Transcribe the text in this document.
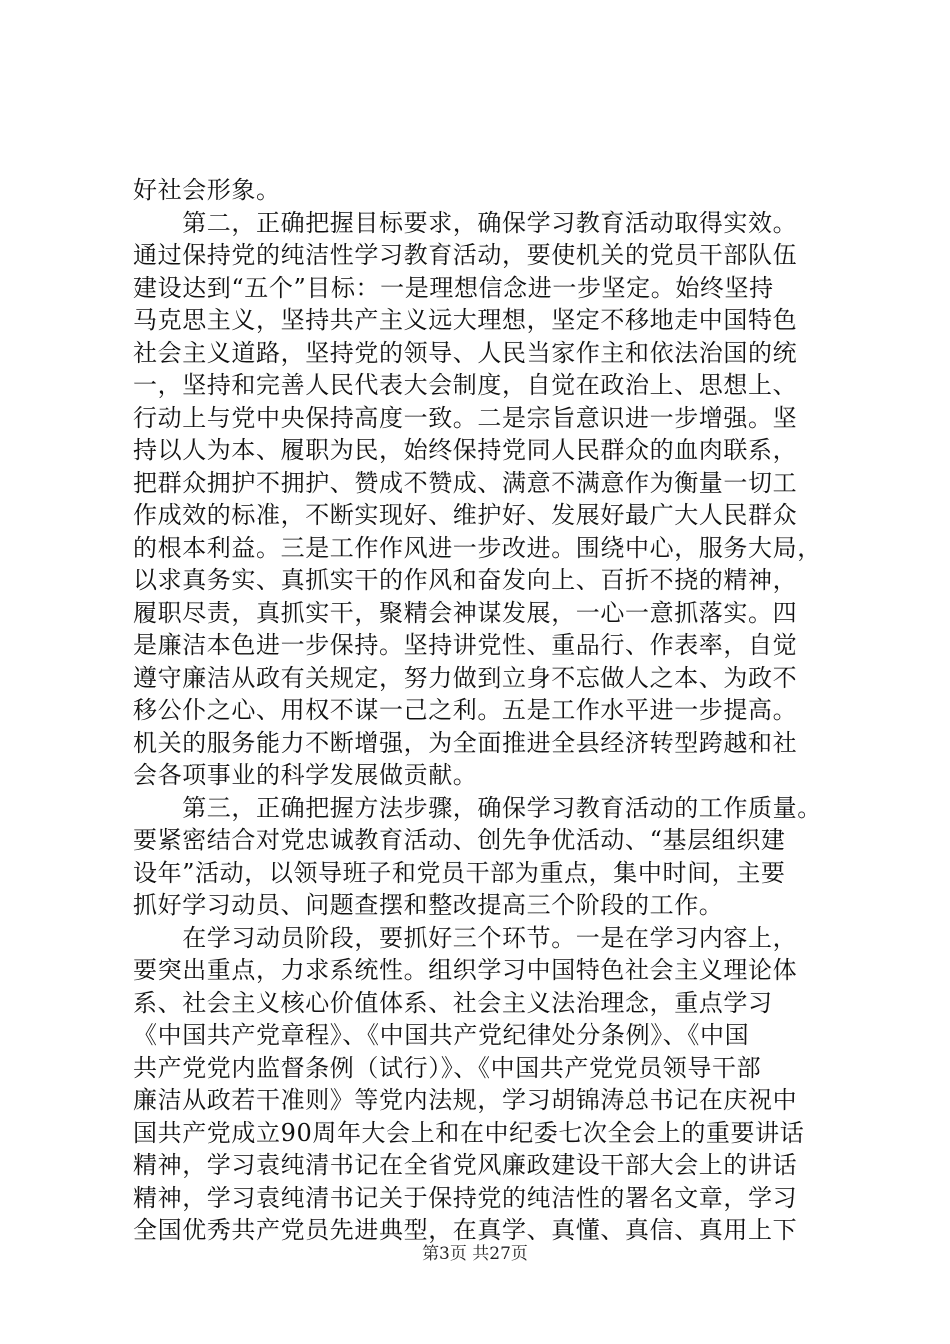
好社会形象。
　　第二，正确把握目标要求，确保学习教育活动取得实效。
通过保持党的纯洁性学习教育活动，要使机关的党员干部队伍
建设达到“五个”目标：一是理想信念进一步坚定。始终坚持
马克思主义，坚持共产主义远大理想，坚定不移地走中国特色
社会主义道路，坚持党的领导、人民当家作主和依法治国的统
一，坚持和完善人民代表大会制度，自觉在政治上、思想上、
行动上与党中央保持高度一致。二是宗旨意识进一步增强。坚
持以人为本、履职为民，始终保持党同人民群众的血肉联系，
把群众拥护不拥护、赞成不赞成、满意不满意作为衡量一切工
作成效的标准，不断实现好、维护好、发展好最广大人民群众
的根本利益。三是工作作风进一步改进。围绕中心，服务大局，
以求真务实、真抓实干的作风和奋发向上、百折不挠的精神，
履职尽责，真抓实干，聚精会神谋发展，一心一意抓落实。四
是廉洁本色进一步保持。坚持讲党性、重品行、作表率，自觉
遵守廉洁从政有关规定，努力做到立身不忘做人之本、为政不
移公仆之心、用权不谋一己之利。五是工作水平进一步提高。
机关的服务能力不断增强，为全面推进全县经济转型跨越和社
会各项事业的科学发展做贡献。
　　第三，正确把握方法步骤，确保学习教育活动的工作质量。
要紧密结合对党忠诚教育活动、创先争优活动、“基层组织建
设年”活动，以领导班子和党员干部为重点，集中时间，主要
抓好学习动员、问题查摆和整改提高三个阶段的工作。
　　在学习动员阶段，要抓好三个环节。一是在学习内容上，
要突出重点，力求系统性。组织学习中国特色社会主义理论体
系、社会主义核心价值体系、社会主义法治理念，重点学习
《中国共产党章程》、《中国共产党纪律处分条例》、《中国
共产党党内监督条例（试行）》、《中国共产党党员领导干部
廉洁从政若干准则》等党内法规，学习胡锦涛总书记在庆祝中
国共产党成立90周年大会上和在中纪委七次全会上的重要讲话
精神，学习袁纯清书记在全省党风廉政建设干部大会上的讲话
精神，学习袁纯清书记关于保持党的纯洁性的署名文章，学习
全国优秀共产党员先进典型，在真学、真懂、真信、真用上下
第3页 共27页
